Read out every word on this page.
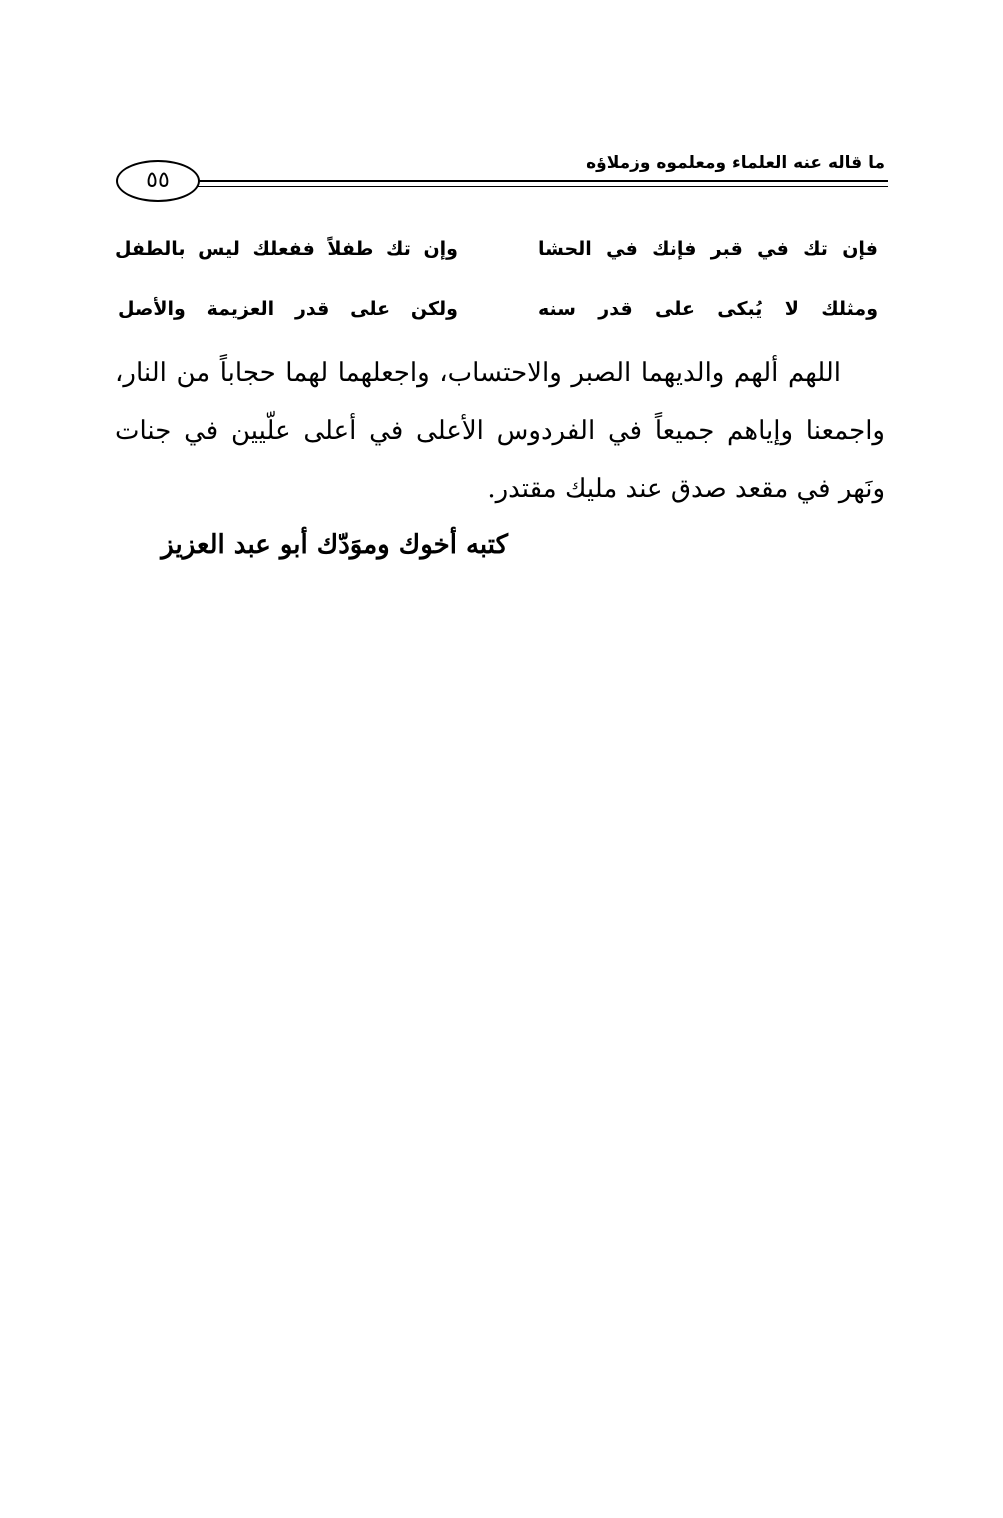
ما قاله عنه العلماء ومعلموه وزملاؤه
٥٥
فإن تك في قبر فإنك في الحشا
وإن تك طفلاً ففعلك ليس بالطفل
ومثلك لا يُبكى على قدر سنه
ولكن على قدر العزيمة والأصل
اللهم ألهم والديهما الصبر والاحتساب، واجعلهما لهما حجاباً من النار، واجمعنا وإياهم جميعاً في الفردوس الأعلى في أعلى علّيين في جنات ونَهر في مقعد صدق عند مليك مقتدر.
كتبه أخوك وموَدّك أبو عبد العزيز
